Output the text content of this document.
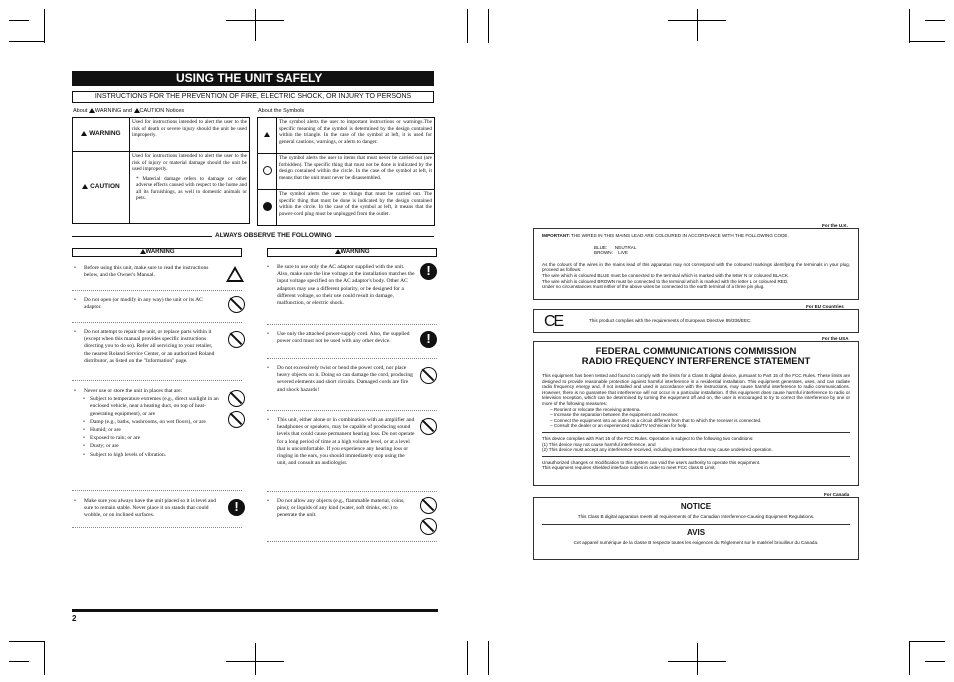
USING THE UNIT SAFELY
INSTRUCTIONS FOR THE PREVENTION OF FIRE, ELECTRIC SHOCK, OR INJURY TO PERSONS
About WARNING and CAUTION Notices	About the Symbols
WARNING	Used for instructions intended to alert the user to the risk of death or severe injury should the unit be used improperly.
CAUTION	Used for instructions intended to alert the user to the risk of injury or material damage should the unit be used improperly.
* Material damage refers to damage or other adverse effects caused with respect to the home and all its furnishings, as well to domestic animals or pets.
	The symbol alerts the user to important instructions or warnings.The specific meaning of the symbol is determined by the design contained within the triangle. In the case of the symbol at left, it is used for general cautions, warnings, or alerts to danger.
	The symbol alerts the user to items that must never be carried out (are forbidden). The specific thing that must not be done is indicated by the design contained within the circle. In the case of the symbol at left, it means that the unit must never be disassembled.
	The symbol alerts the user to things that must be carried out. The specific thing that must be done is indicated by the design contained within the circle. In the case of the symbol at left, it means that the power-cord plug must be unplugged from the outlet.
ALWAYS OBSERVE THE FOLLOWING
WARNING	WARNING
• Before using this unit, make sure to read the instructions below, and the Owner's Manual.
• Do not open (or modify in any way) the unit or its AC adaptor.
• Do not attempt to repair the unit, or replace parts within it (except when this manual provides specific instructions directing you to do so). Refer all servicing to your retailer, the nearest Roland Service Center, or an authorized Roland distributor, as listed on the "Information" page.
• Never use or store the unit in places that are:
• Subject to temperature extremes (e.g., direct sunlight in an enclosed vehicle, near a heating duct, on top of heat-generating equipment), or are
• Damp (e.g., baths, washrooms, on wet floors), or are
• Humid; or are
• Exposed to rain; or are
• Dusty; or are
• Subject to high levels of vibration.
• Make sure you always have the unit placed so it is level and sure to remain stable. Never place it on stands that could wobble, or on inclined surfaces.
!
• Be sure to use only the AC adaptor supplied with the unit. Also, make sure the line voltage at the installation matches the input voltage specified on the AC adaptor's body. Other AC adaptors may use a different polarity, or be designed for a different voltage, so their use could result in damage, malfunction, or electric shock.
!
• Use only the attached power-supply cord. Also, the supplied power cord must not be used with any other device.
!
• Do not excessively twist or bend the power cord, nor place heavy objects on it. Doing so can damage the cord, producing severed elements and short circuits. Damaged cords are fire and shock hazards!
• This unit, either alone or in combination with an amplifier and headphones or speakers, may be capable of producing sound levels that could cause permanent hearing loss. Do not operate for a long period of time at a high volume level, or at a level that is uncomfortable. If you experience any hearing loss or ringing in the ears, you should immediately stop using the unit, and consult an audiologist.
• Do not allow any objects (e.g., flammable material, coins, pins); or liquids of any kind (water, soft drinks, etc.) to penetrate the unit.
2
IMPORTANT: THE WIRES IN THIS MAINS LEAD ARE COLOURED IN ACCORDANCE WITH THE FOLLOWING CODE.
BLUE:      NEUTRAL
BROWN:    LIVE
As the colours of the wires in the mains lead of this apparatus may not correspond with the coloured markings identifying the terminals in your plug, proceed as follows:
The wire which is coloured BLUE must be connected to the terminal which is marked with the letter N or coloured BLACK.
The wire which is coloured BROWN must be connected to the terminal which is marked with the letter L or coloured RED.
Under no circumstances must either of the above wires be connected to the earth terminal of a three pin plug.
For the U.K.
CE	This product complies with the requirements of European Directive 89/336/EEC.
For EU Countries
FEDERAL COMMUNICATIONS COMMISSION
RADIO FREQUENCY INTERFERENCE STATEMENT
This equipment has been tested and found to comply with the limits for a Class B digital device, pursuant to Part 15 of the FCC Rules. These limits are designed to provide reasonable protection against harmful interference in a residential installation. This equipment generates, uses, and can radiate radio frequency energy and, if not installed and used in accordance with the instructions, may cause harmful interference to radio communications. However, there is no guarantee that interference will not occur in a particular installation. If this equipment does cause harmful interference to radio or television reception, which can be determined by turning the equipment off and on, the user is encouraged to try to correct the interference by one or more of the following measures:
– Reorient or relocate the receiving antenna.
– Increase the separation between the equipment and receiver.
– Connect the equipment into an outlet on a circuit different from that to which the receiver is connected.
– Consult the dealer or an experienced radio/TV technician for help.
This device complies with Part 15 of the FCC Rules. Operation is subject to the following two conditions:
(1) This device may not cause harmful interference, and
(2) This device must accept any interference received, including interference that may cause undesired operation.
Unauthorized changes or modification to this system can void the users authority to operate this equipment.
This equipment requires shielded interface cables in order to meet FCC class B Limit.
For the USA
NOTICE
This Class B digital apparatus meets all requirements of the Canadian Interference-Causing Equipment Regulations.
AVIS
Cet appareil numérique de la classe B respecte toutes les exigences du Règlement sur le matériel brouilleur du Canada.
For Canada
